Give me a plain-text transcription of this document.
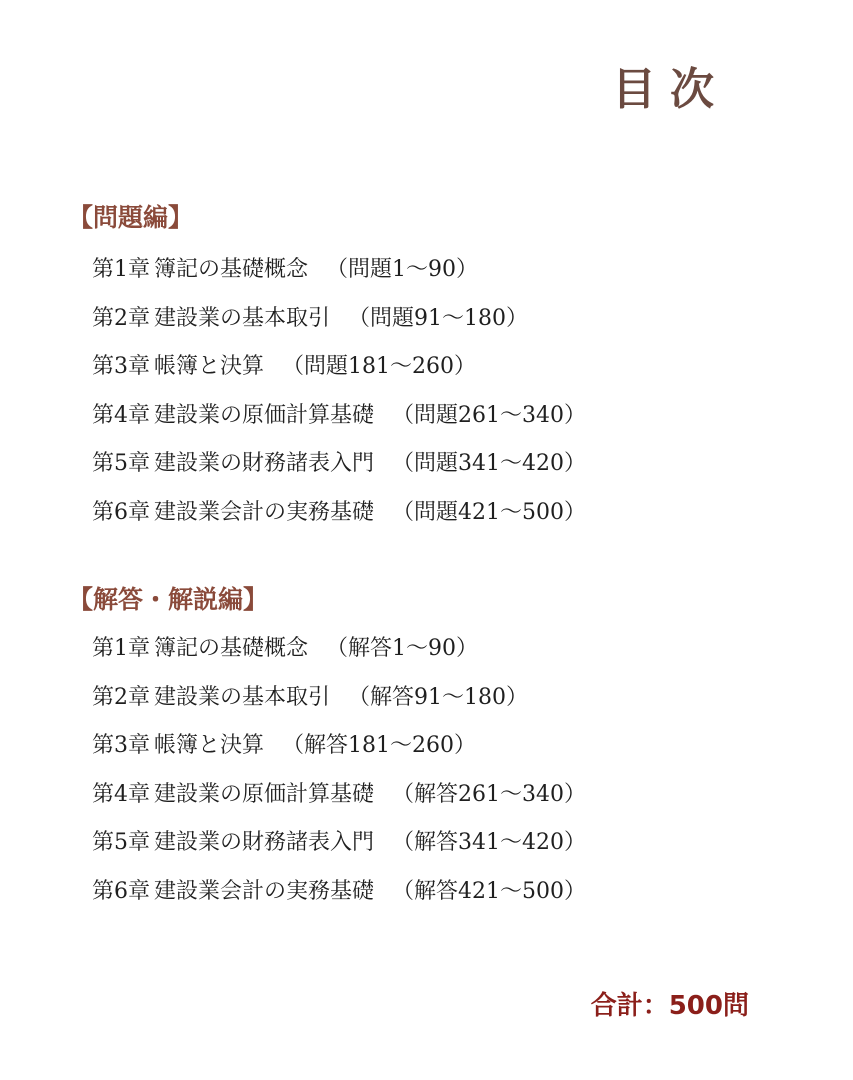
目次
【問題編】
第1章 簿記の基礎概念 （問題1〜90）
第2章 建設業の基本取引 （問題91〜180）
第3章 帳簿と決算 （問題181〜260）
第4章 建設業の原価計算基礎 （問題261〜340）
第5章 建設業の財務諸表入門 （問題341〜420）
第6章 建設業会計の実務基礎 （問題421〜500）
【解答・解説編】
第1章 簿記の基礎概念 （解答1〜90）
第2章 建設業の基本取引 （解答91〜180）
第3章 帳簿と決算 （解答181〜260）
第4章 建設業の原価計算基礎 （解答261〜340）
第5章 建設業の財務諸表入門 （解答341〜420）
第6章 建設業会計の実務基礎 （解答421〜500）
合計：500問
